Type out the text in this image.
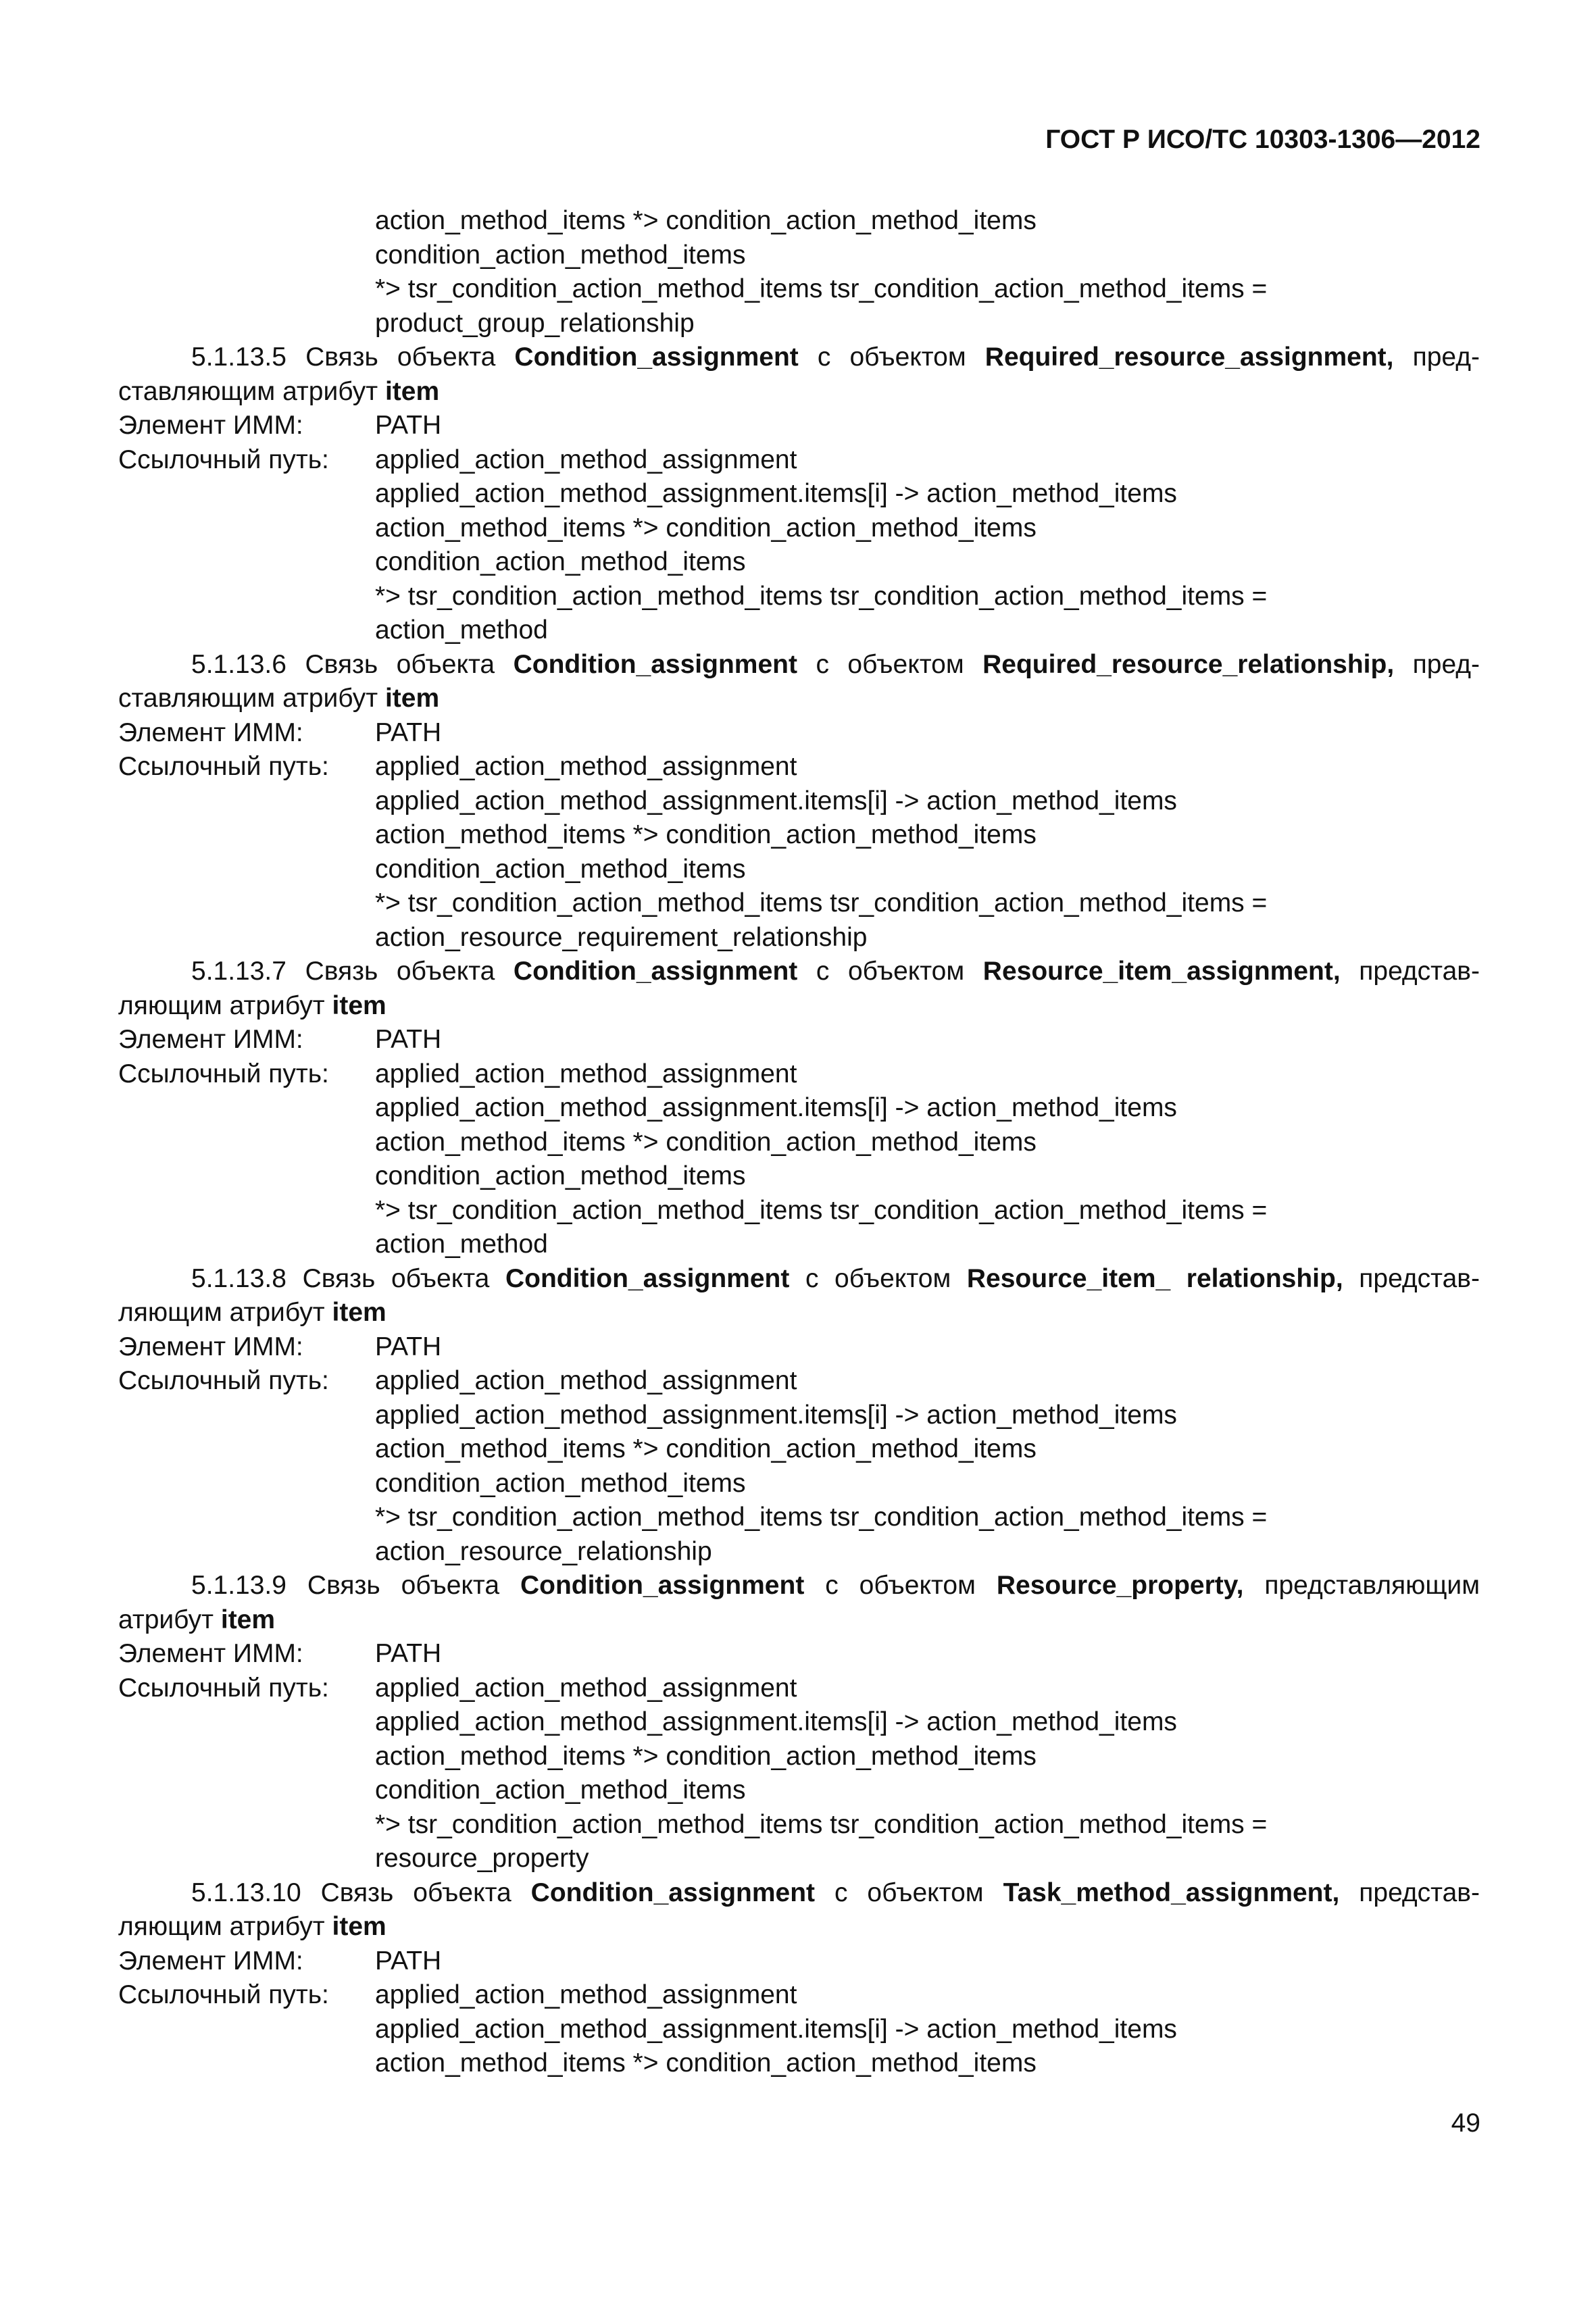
ГОСТ Р ИСО/ТС 10303-1306—2012
action_method_items *> condition_action_method_items
condition_action_method_items
*> tsr_condition_action_method_items tsr_condition_action_method_items =
product_group_relationship
5.1.13.5 Связь объекта Condition_assignment с объектом Required_resource_assignment, пред-
ставляющим атрибут item
Элемент ИММ:	PATH
Ссылочный путь:	applied_action_method_assignment
applied_action_method_assignment.items[i] -> action_method_items
action_method_items *> condition_action_method_items
condition_action_method_items
*> tsr_condition_action_method_items tsr_condition_action_method_items =
action_method
5.1.13.6 Связь объекта Condition_assignment с объектом Required_resource_relationship, пред-
ставляющим атрибут item
Элемент ИММ:	PATH
Ссылочный путь:	applied_action_method_assignment
applied_action_method_assignment.items[i] -> action_method_items
action_method_items *> condition_action_method_items
condition_action_method_items
*> tsr_condition_action_method_items tsr_condition_action_method_items =
action_resource_requirement_relationship
5.1.13.7 Связь объекта Condition_assignment с объектом Resource_item_assignment, представ-
ляющим атрибут item
Элемент ИММ:	PATH
Ссылочный путь:	applied_action_method_assignment
applied_action_method_assignment.items[i] -> action_method_items
action_method_items *> condition_action_method_items
condition_action_method_items
*> tsr_condition_action_method_items tsr_condition_action_method_items =
action_method
5.1.13.8 Связь объекта Condition_assignment с объектом Resource_item_ relationship, представ-
ляющим атрибут item
Элемент ИММ:	PATH
Ссылочный путь:	applied_action_method_assignment
applied_action_method_assignment.items[i] -> action_method_items
action_method_items *> condition_action_method_items
condition_action_method_items
*> tsr_condition_action_method_items tsr_condition_action_method_items =
action_resource_relationship
5.1.13.9 Связь объекта Condition_assignment с объектом Resource_property, представляющим
атрибут item
Элемент ИММ:	PATH
Ссылочный путь:	applied_action_method_assignment
applied_action_method_assignment.items[i] -> action_method_items
action_method_items *> condition_action_method_items
condition_action_method_items
*> tsr_condition_action_method_items tsr_condition_action_method_items =
resource_property
5.1.13.10 Связь объекта Condition_assignment с объектом Task_method_assignment, представ-
ляющим атрибут item
Элемент ИММ:	PATH
Ссылочный путь:	applied_action_method_assignment
applied_action_method_assignment.items[i] -> action_method_items
action_method_items *> condition_action_method_items
49
